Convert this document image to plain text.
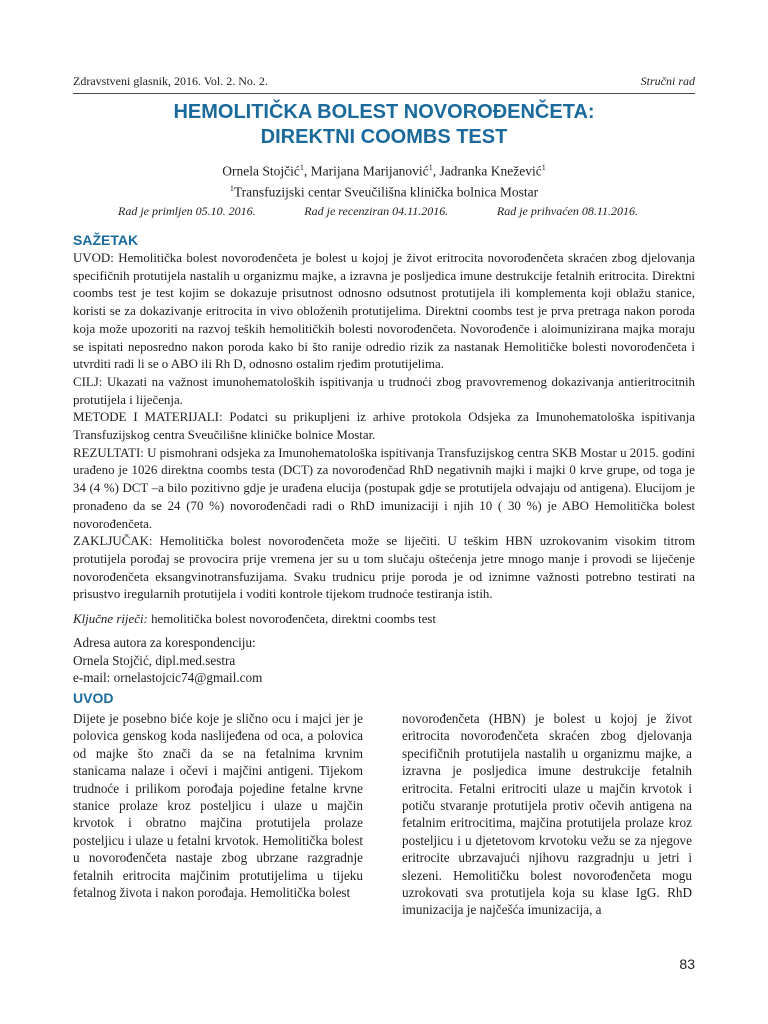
Zdravstveni glasnik, 2016. Vol. 2. No. 2.	Stručni rad
HEMOLITIČKA BOLEST NOVOROĐENČETA:
DIREKTNI COOMBS TEST
Ornela Stojčić$^1$, Marijana Marijanović$^1$, Jadranka Knežević$^1$
$^1$Transfuzijski centar Sveučilišna klinička bolnica Mostar
Rad je primljen 05.10. 2016.	Rad je recenziran 04.11.2016.	Rad je prihvaćen 08.11.2016.
SAŽETAK

UVOD: Hemolitička bolest novorođenčeta je bolest u kojoj je život eritrocita novorođenčeta skraćen zbog djelovanja specifičnih protutijela nastalih u organizmu majke, a izravna je posljedica imune destrukcije fetalnih eritrocita. Direktni coombs test je test kojim se dokazuje prisutnost odnosno odsutnost protutijela ili komplementa koji oblažu stanice, koristi se za dokazivanje eritrocita in vivo obloženih protutijelima. Direktni coombs test je prva pretraga nakon poroda koja može upozoriti na razvoj teških hemolitičkih bolesti novorođenčeta. Novorođenče i aloimunizirana majka moraju se ispitati neposredno nakon poroda kako bi što ranije odredio rizik za nastanak Hemolitičke bolesti novorođenčeta i utvrditi radi li se o ABO ili Rh D, odnosno ostalim rjeđim protutijelima.

CILJ: Ukazati na važnost imunohematoloških ispitivanja u trudnoći zbog pravovremenog dokazivanja antieritrocitnih protutijela i liječenja.

METODE I MATERIJALI: Podatci su prikupljeni iz arhive protokola Odsjeka za Imunohematološka ispitivanja Transfuzijskog centra Sveučilišne kliničke bolnice Mostar.

REZULTATI: U pismohrani odsjeka za Imunohematološka ispitivanja Transfuzijskog centra SKB Mostar u 2015. godini urađeno je 1026 direktna coombs testa (DCT) za novorođenčad RhD negativnih majki i majki 0 krve grupe, od toga je 34 (4 %) DCT –a bilo pozitivno gdje je urađena elucija (postupak gdje se protutijela odvajaju od antigena). Elucijom je pronađeno da se 24 (70 %) novorođenčadi radi o RhD imunizaciji i njih 10 ( 30 %) je ABO Hemolitička bolest novorođenčeta.

ZAKLJUČAK: Hemolitička bolest novorođenčeta može se liječiti. U teškim HBN uzrokovanim visokim titrom protutijela porođaj se provocira prije vremena jer su u tom slučaju oštećenja jetre mnogo manje i provodi se liječenje novorođenčeta eksangvinotransfuzijama. Svaku trudnicu prije poroda je od iznimne važnosti potrebno testirati na prisustvo iregularnih protutijela i voditi kontrole tijekom trudnoće testiranja istih.

Ključne riječi: hemolitička bolest novorođenčeta, direktni coombs test
Adresa autora za korespondenciju:
Ornela Stojčić, dipl.med.sestra
e-mail: ornelastojcic74@gmail.com
UVOD

Dijete je posebno biće koje je slično ocu i majci jer je polovica genskog koda naslijeđena od oca, a polovica od majke što znači da se na fetalnima krvnim stanicama nalaze i očevi i majčini antigeni. Tijekom trudnoće i prilikom porođaja pojedine fetalne krvne stanice prolaze kroz posteljicu i ulaze u majčin krvotok i obratno majčina protutijela prolaze posteljicu i ulaze u fetalni krvotok. Hemolitička bolest u novorođenčeta nastaje zbog ubrzane razgradnje fetalnih eritrocita majčinim protutijelima u tijeku fetalnog života i nakon porođaja. Hemolitička bolest

novorođenčeta (HBN) je bolest u kojoj je život eritrocita novorođenčeta skraćen zbog djelovanja specifičnih protutijela nastalih u organizmu majke, a izravna je posljedica imune destrukcije fetalnih eritrocita. Fetalni eritrociti ulaze u majčin krvotok i potiču stvaranje protutijela protiv očevih antigena na fetalnim eritrocitima, majčina protutijela prolaze kroz posteljicu i u djetetovom krvotoku vežu se za njegove eritrocite ubrzavajući njihovu razgradnju u jetri i slezeni. Hemolitičku bolest novorođenčeta mogu uzrokovati sva protutijela koja su klase IgG. RhD imunizacija je najčešća imunizacija, a

83
